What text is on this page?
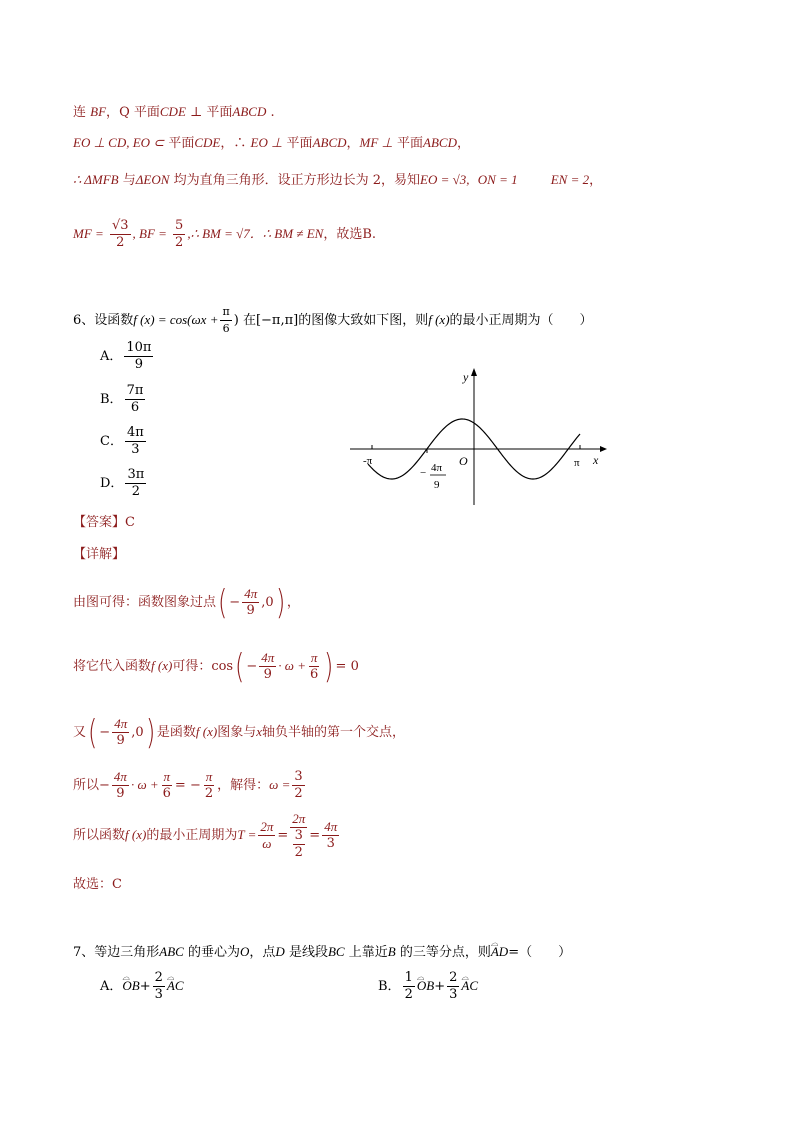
连 BF，Q 平面CDE ⊥ 平面ABCD .
EO ⊥ CD, EO ⊂ 平面CDE，∴ EO ⊥ 平面ABCD，MF ⊥ 平面ABCD，
∴ ΔMFB 与ΔEON 均为直角三角形．设正方形边长为 2，易知EO = √3, ON = 1	EN = 2，
MF = $\frac{√3}{2}$ , BF = $\frac{5}{2}$ ,∴ BM = √7．∴ BM ≠ EN，故选B.
6、设函数f $(x) = \cos(\omega x + \frac{\pi}{6}$ ) 在[−π,π]的图像大致如下图，则f (x)的最小正周期为（　　）
A． $\frac{10\pi}{9}$
B． $\frac{7\pi}{6}$
C． $\frac{4\pi}{3}$
D． $\frac{3\pi}{2}$
y
x
O
-π	π
− 4π
9
【答案】C
【详解】
由图可得：函数图象过点( − $\frac{4\pi}{9} ,0$) ，
将它代入函数f (x)可得：$\cos( - \frac{4\pi}{9} \cdot \omega + \frac{\pi}{6}$ ) = 0
又( − $\frac{4\pi}{9} ,0$) 是函数f (x)图象与x轴负半轴的第一个交点，
所以− $\frac{4\pi}{9} \cdot \omega + \frac{\pi}{6}$ = − $\frac{\pi}{2}$ ，解得：$\omega = \frac{3}{2}$
所以函数f (x)的最小正周期为$T = \frac{2\pi}{\omega} = \frac{2\pi}{\frac{3}{2}} = \frac{4\pi}{3}$
故选：C
7、等边三角形ABC 的垂心为O，点D 是线段BC 上靠近B 的三等分点，则⌓ AD=（　　）
A．⌓ $OB+ \frac{2}{3}$ ⌓ AC	B． $\frac{1}{2}$ ⌓ $OB+ \frac{2}{3}$ ⌓ AC
